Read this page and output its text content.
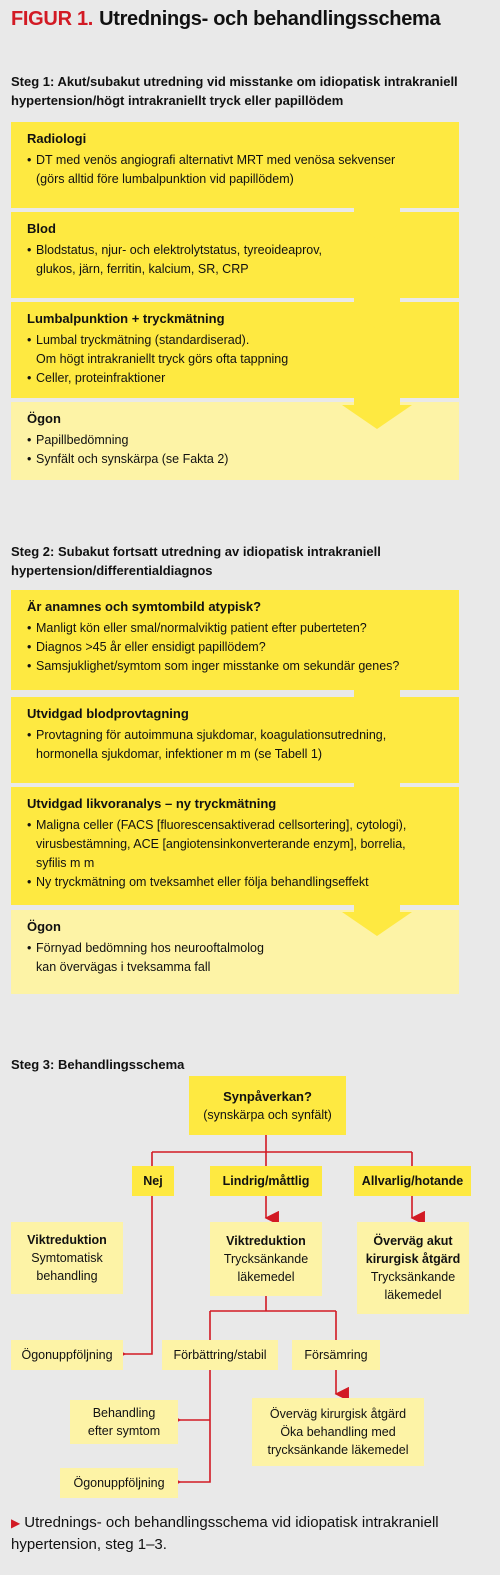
FIGUR 1. Utrednings- och behandlingsschema
Steg 1: Akut/subakut utredning vid misstanke om idiopatisk intrakraniell
hypertension/högt intrakraniellt tryck eller papillödem
Radiologi
• DT med venös angiografi alternativt MRT med venösa sekvenser
(görs alltid före lumbalpunktion vid papillödem)
Blod
• Blodstatus, njur- och elektrolytstatus, tyreoideaprov,
glukos, järn, ferritin, kalcium, SR, CRP
Lumbalpunktion + tryckmätning
• Lumbal tryckmätning (standardiserad).
Om högt intrakraniellt tryck görs ofta tappning
• Celler, proteinfraktioner
Ögon
• Papillbedömning
• Synfält och synskärpa (se Fakta 2)
Steg 2: Subakut fortsatt utredning av idiopatisk intrakraniell
hypertension/differentialdiagnos
Är anamnes och symtombild atypisk?
• Manligt kön eller smal/normalviktig patient efter puberteten?
• Diagnos >45 år eller ensidigt papillödem?
• Samsjuklighet/symtom som inger misstanke om sekundär genes?
Utvidgad blodprovtagning
• Provtagning för autoimmuna sjukdomar, koagulationsutredning,
hormonella sjukdomar, infektioner m m (se Tabell 1)
Utvidgad likvoranalys – ny tryckmätning
• Maligna celler (FACS [fluorescensaktiverad cellsortering], cytologi),
virusbestämning, ACE [angiotensinkonverterande enzym], borrelia,
syfilis m m
• Ny tryckmätning om tveksamhet eller följa behandlingseffekt
Ögon
• Förnyad bedömning hos neurooftalmolog
kan övervägas i tveksamma fall
Steg 3: Behandlingsschema
Synpåverkan?
(synskärpa och synfält)
Nej	Lindrig/måttlig	Allvarlig/hotande
Viktreduktion
Symtomatisk
behandling
Viktreduktion
Trycksänkande
läkemedel
Överväg akut
kirurgisk åtgärd
Trycksänkande
läkemedel
Ögonuppföljning	Förbättring/stabil	Försämring
Överväg kirurgisk åtgärd
Öka behandling med
trycksänkande läkemedel
Behandling
efter symtom
Ögonuppföljning
▶ Utrednings- och behandlingsschema vid idiopatisk intrakraniell hypertension, steg 1–3.
